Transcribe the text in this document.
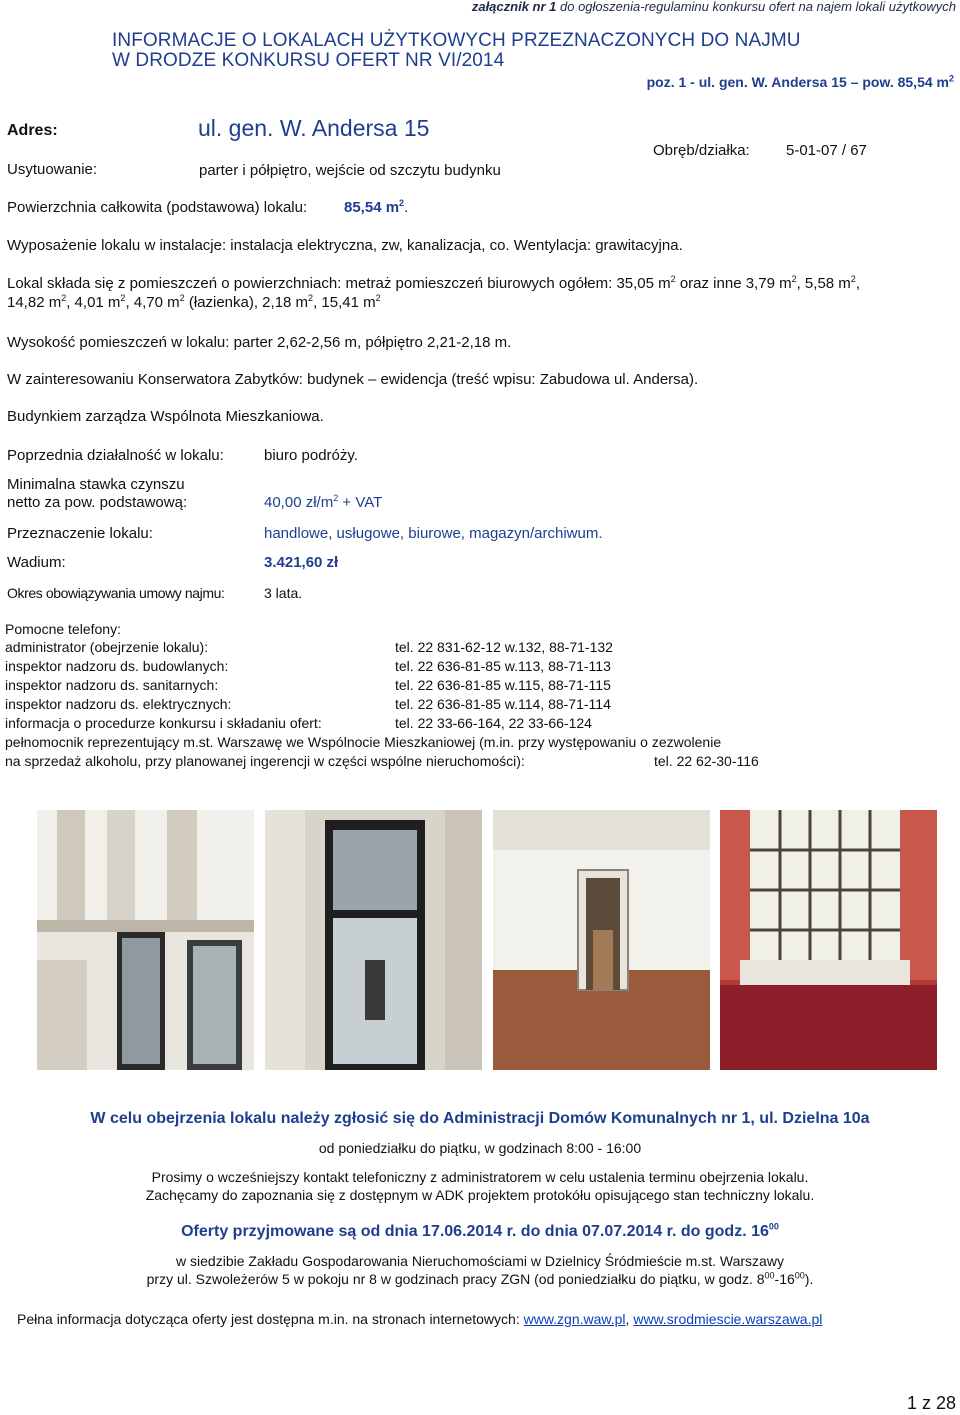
załącznik nr 1 do ogłoszenia-regulaminu konkursu ofert na najem lokali użytkowych
INFORMACJE O LOKALACH UŻYTKOWYCH PRZEZNACZONYCH DO NAJMU
W DRODZE KONKURSU OFERT NR VI/2014
poz. 1 - ul. gen. W. Andersa 15 – pow. 85,54 $m^2$
Adres:	ul. gen. W. Andersa 15
Usytuowanie:	parter i półpiętro, wejście od szczytu budynku
Obręb/działka: 5-01-07 / 67
Powierzchnia całkowita (podstawowa) lokalu: 85,54 $m^2$.
Wyposażenie lokalu w instalacje: instalacja elektryczna, zw, kanalizacja, co. Wentylacja: grawitacyjna.
Lokal składa się z pomieszczeń o powierzchniach: metraż pomieszczeń biurowych ogółem: 35,05 $m^2$ oraz inne 3,79 $m^2$, 5,58 $m^2$,
14,82 $m^2$, 4,01 $m^2$, 4,70 $m^2$ (łazienka), 2,18 $m^2$, 15,41 $m^2$
Wysokość pomieszczeń w lokalu: parter 2,62-2,56 m, półpiętro 2,21-2,18 m.
W zainteresowaniu Konserwatora Zabytków: budynek – ewidencja (treść wpisu: Zabudowa ul. Andersa).
Budynkiem zarządza Wspólnota Mieszkaniowa.
Poprzednia działalność w lokalu:	biuro podróży.
Minimalna stawka czynszu
netto za pow. podstawową:	40,00 $zł/m^2$ + VAT
Przeznaczenie lokalu:	handlowe, usługowe, biurowe, magazyn/archiwum.
Wadium:	3.421,60 zł
Okres obowiązywania umowy najmu:	3 lata.
Pomocne telefony:
administrator (obejrzenie lokalu):	tel. 22 831-62-12 w.132, 88-71-132
inspektor nadzoru ds. budowlanych:	tel. 22 636-81-85 w.113, 88-71-113
inspektor nadzoru ds. sanitarnych:	tel. 22 636-81-85 w.115, 88-71-115
inspektor nadzoru ds. elektrycznych:	tel. 22 636-81-85 w.114, 88-71-114
informacja o procedurze konkursu i składaniu ofert:	tel. 22 33-66-164, 22 33-66-124
pełnomocnik reprezentujący m.st. Warszawę we Wspólnocie Mieszkaniowej (m.in. przy występowaniu o zezwolenie
na sprzedaż alkoholu, przy planowanej ingerencji w części wspólne nieruchomości):	tel. 22 62-30-116
W celu obejrzenia lokalu należy zgłosić się do Administracji Domów Komunalnych nr 1, ul. Dzielna 10a
od poniedziałku do piątku, w godzinach 8:00 - 16:00
Prosimy o wcześniejszy kontakt telefoniczny z administratorem w celu ustalenia terminu obejrzenia lokalu.
Zachęcamy do zapoznania się z dostępnym w ADK projektem protokółu opisującego stan techniczny lokalu.
Oferty przyjmowane są od dnia 17.06.2014 r. do dnia 07.07.2014 r. do godz. $16^{00}$
w siedzibie Zakładu Gospodarowania Nieruchomościami w Dzielnicy Śródmieście m.st. Warszawy
przy ul. Szwoleżerów 5 w pokoju nr 8 w godzinach pracy ZGN (od poniedziałku do piątku, w godz. $8^{00}-16^{00}$).
Pełna informacja dotycząca oferty jest dostępna m.in. na stronach internetowych: www.zgn.waw.pl, www.srodmiescie.warszawa.pl
1 z 28
